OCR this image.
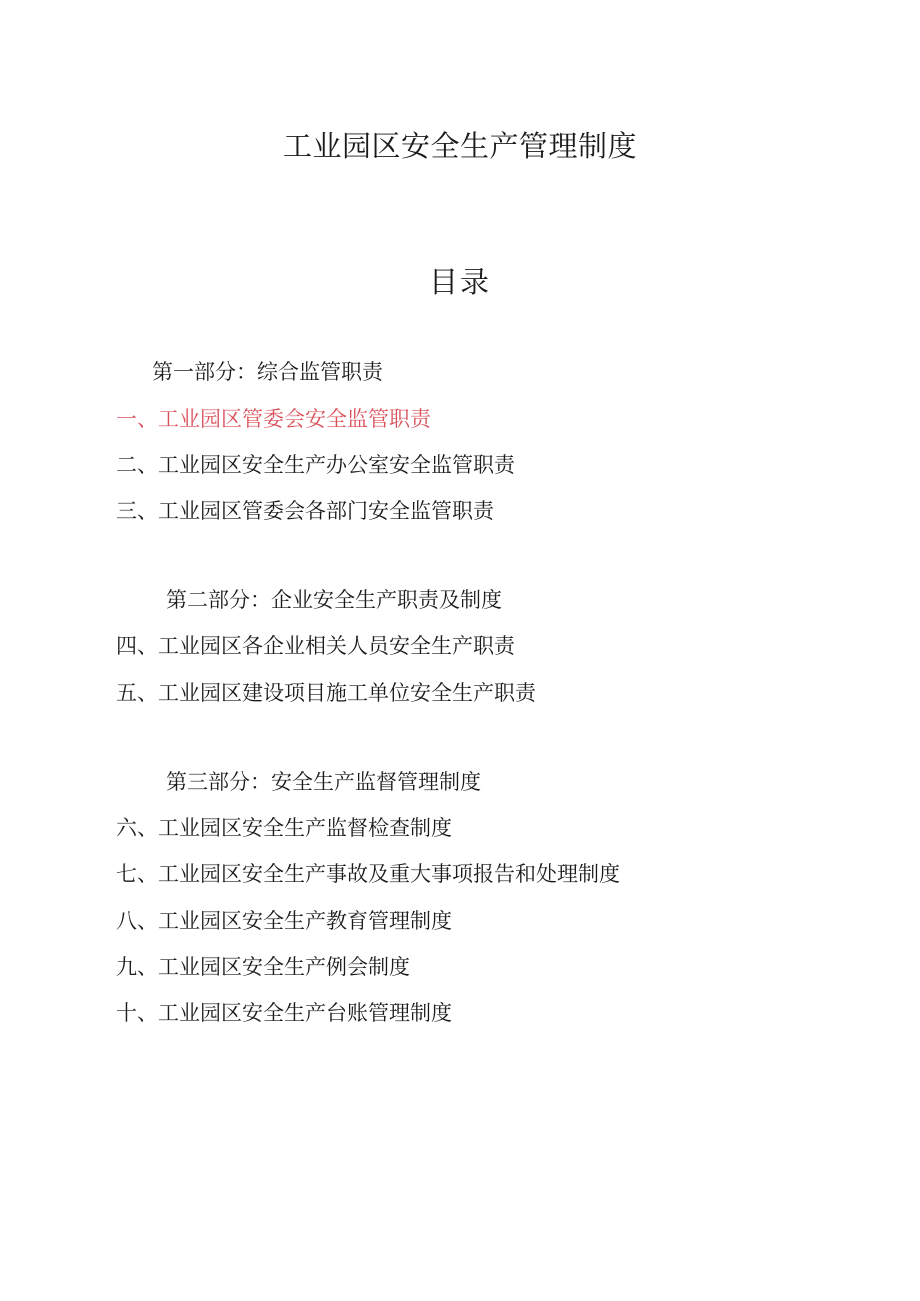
工业园区安全生产管理制度
目录
第一部分：综合监管职责
一、工业园区管委会安全监管职责
二、工业园区安全生产办公室安全监管职责
三、工业园区管委会各部门安全监管职责
第二部分：企业安全生产职责及制度
四、工业园区各企业相关人员安全生产职责
五、工业园区建设项目施工单位安全生产职责
第三部分：安全生产监督管理制度
六、工业园区安全生产监督检查制度
七、工业园区安全生产事故及重大事项报告和处理制度
八、工业园区安全生产教育管理制度
九、工业园区安全生产例会制度
十、工业园区安全生产台账管理制度
